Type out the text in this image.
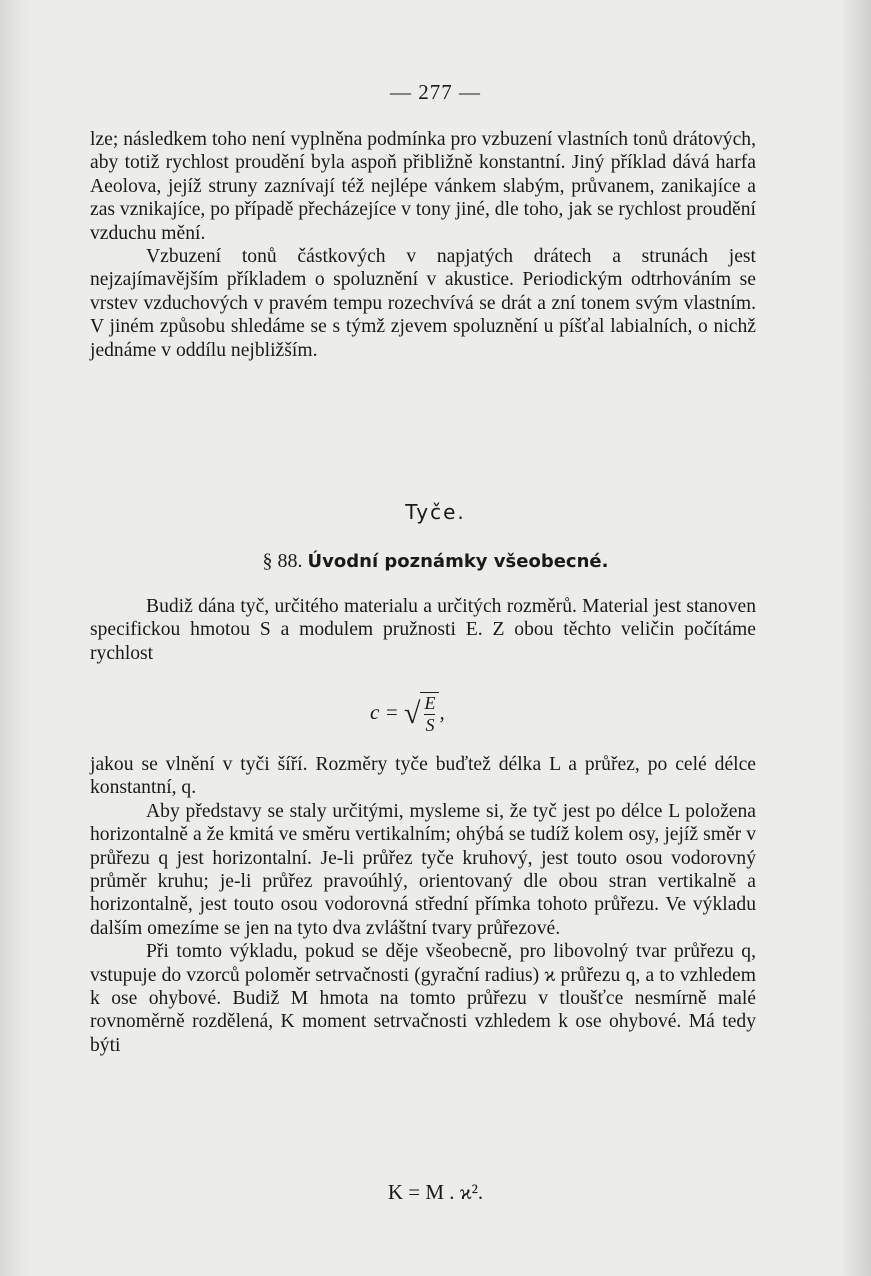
— 277 —

lze; následkem toho není vyplněna podmínka pro vzbuzení vlastních tonů drátových, aby totiž rychlost proudění byla aspoň přibližně konstantní. Jiný příklad dává harfa Aeolova, jejíž struny zaznívají též nejlépe vánkem slabým, průvanem, zanikajíce a zas vznikajíce, po případě přecházejíce v tony jiné, dle toho, jak se rychlost proudění vzduchu mění.

Vzbuzení tonů částkových v napjatých drátech a strunách jest nejzajímavějším příkladem o spoluznění v akustice. Periodickým odtrhováním se vrstev vzduchových v pravém tempu rozechvívá se drát a zní tonem svým vlastním. V jiném způsobu shledáme se s týmž zjevem spoluznění u píšťal labialních, o nichž jednáme v oddílu nejbližším.

Tyče.
§ 88. Úvodní poznámky všeobecné.

Budiž dána tyč, určitého materialu a určitých rozměrů. Material jest stanoven specifickou hmotou S a modulem pružnosti E. Z obou těchto veličin počítáme rychlost

$c = √\frac{E}{S}$ ,

jakou se vlnění v tyči šíří. Rozměry tyče buďtež délka L a průřez, po celé délce konstantní, q.

Aby představy se staly určitými, mysleme si, že tyč jest po délce L položena horizontalně a že kmitá ve směru vertikalním; ohýbá se tudíž kolem osy, jejíž směr v průřezu q jest horizontalní. Je-li průřez tyče kruhový, jest touto osou vodorovný průměr kruhu; je-li průřez pravoúhlý, orientovaný dle obou stran vertikalně a horizontalně, jest touto osou vodorovná střední přímka tohoto průřezu. Ve výkladu dalším omezíme se jen na tyto dva zvláštní tvary průřezové.

Při tomto výkladu, pokud se děje všeobecně, pro libovolný tvar průřezu q, vstupuje do vzorců poloměr setrvačnosti (gyrační radius) ϰ průřezu q, a to vzhledem k ose ohybové. Budiž M hmota na tomto průřezu v tloušťce nesmírně malé rovnoměrně rozdělená, K moment setrvačnosti vzhledem k ose ohybové. Má tedy býti

K = M . ϰ².
